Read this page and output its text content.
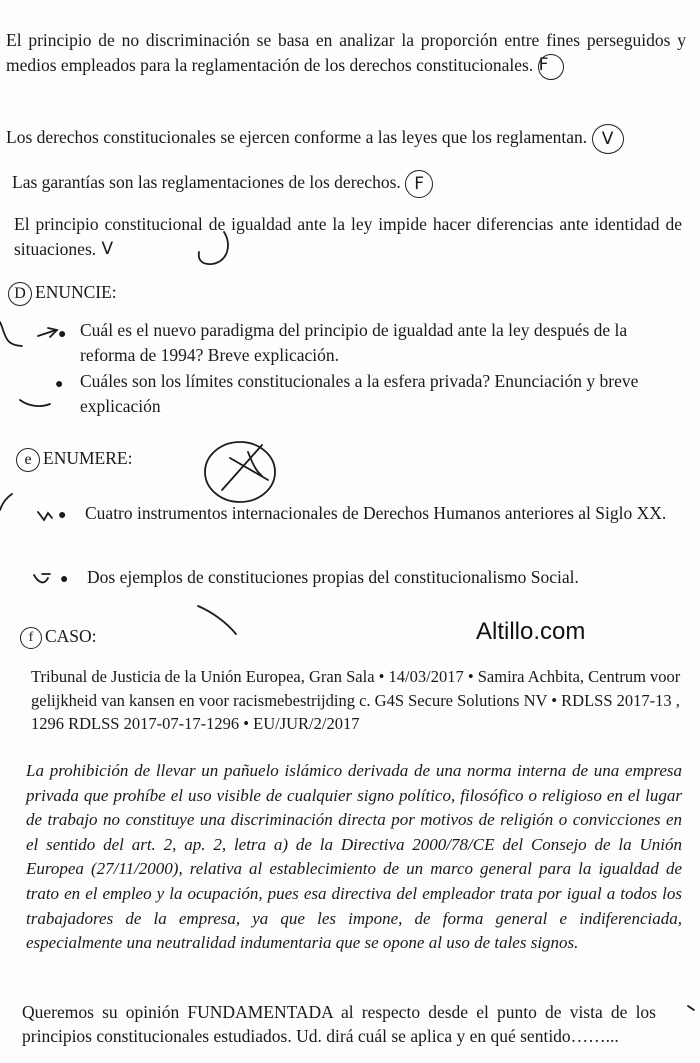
El principio de no discriminación se basa en analizar la proporción entre fines perseguidos y medios empleados para la reglamentación de los derechos constitucionales. F

Los derechos constitucionales se ejercen conforme a las leyes que los reglamentan. V

Las garantías son las reglamentaciones de los derechos. F

El principio constitucional de igualdad ante la ley impide hacer diferencias ante identidad de situaciones. V

D ENUNCIE:
● Cuál es el nuevo paradigma del principio de igualdad ante la ley después de la reforma de 1994? Breve explicación.

● Cuáles son los límites constitucionales a la esfera privada? Enunciación y breve explicación

e ENUMERE:
● Cuatro instrumentos internacionales de Derechos Humanos anteriores al Siglo XX.

● Dos ejemplos de constituciones propias del constitucionalismo Social.

f CASO:	Altillo.com

Tribunal de Justicia de la Unión Europea, Gran Sala • 14/03/2017 • Samira Achbita, Centrum voor gelijkheid van kansen en voor racismebestrijding c. G4S Secure Solutions NV • RDLSS 2017-13 , 1296 RDLSS 2017-07-17-1296 • EU/JUR/2/2017

La prohibición de llevar un pañuelo islámico derivada de una norma interna de una empresa privada que prohíbe el uso visible de cualquier signo político, filosófico o religioso en el lugar de trabajo no constituye una discriminación directa por motivos de religión o convicciones en el sentido del art. 2, ap. 2, letra a) de la Directiva 2000/78/CE del Consejo de la Unión Europea (27/11/2000), relativa al establecimiento de un marco general para la igualdad de trato en el empleo y la ocupación, pues esa directiva del empleador trata por igual a todos los trabajadores de la empresa, ya que les impone, de forma general e indiferenciada, especialmente una neutralidad indumentaria que se opone al uso de tales signos.

Queremos su opinión FUNDAMENTADA al respecto desde el punto de vista de los principios constitucionales estudiados. Ud. dirá cuál se aplica y en qué sentido……...
